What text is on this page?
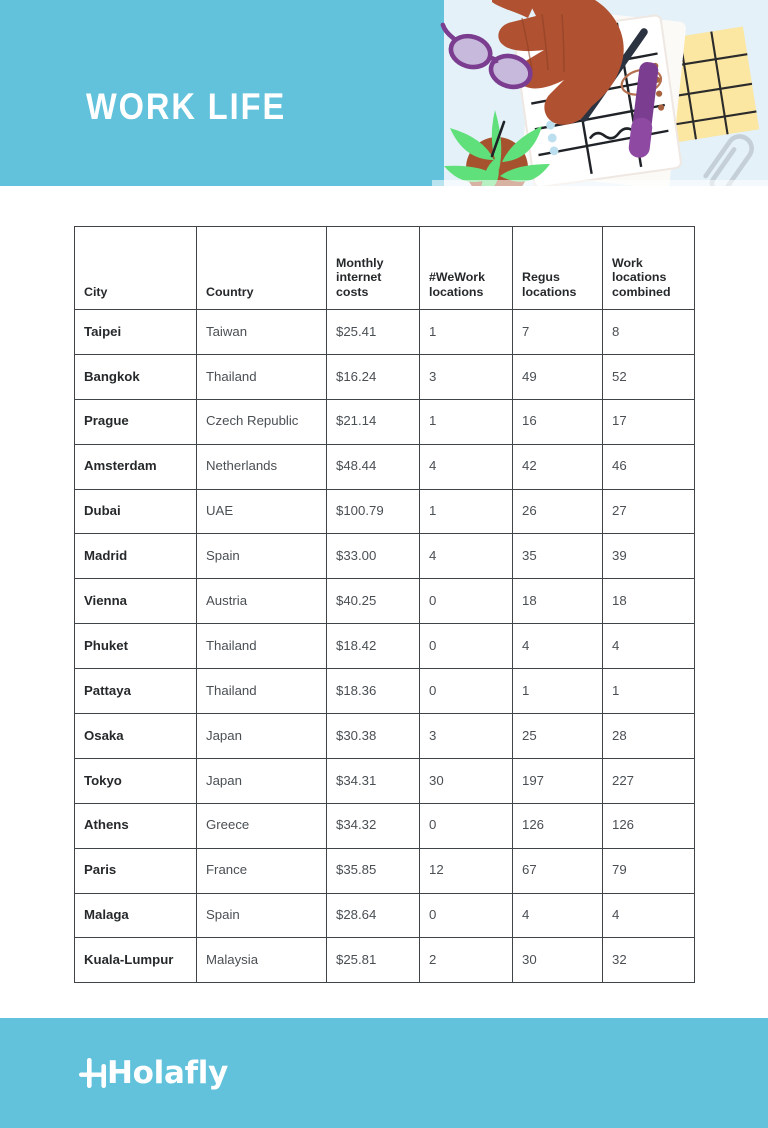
WORK LIFE
City	Country	Monthly internet costs	#WeWork locations	Regus locations	Work locations combined
Taipei	Taiwan	$25.41	1	7	8
Bangkok	Thailand	$16.24	3	49	52
Prague	Czech Republic	$21.14	1	16	17
Amsterdam	Netherlands	$48.44	4	42	46
Dubai	UAE	$100.79	1	26	27
Madrid	Spain	$33.00	4	35	39
Vienna	Austria	$40.25	0	18	18
Phuket	Thailand	$18.42	0	4	4
Pattaya	Thailand	$18.36	0	1	1
Osaka	Japan	$30.38	3	25	28
Tokyo	Japan	$34.31	30	197	227
Athens	Greece	$34.32	0	126	126
Paris	France	$35.85	12	67	79
Malaga	Spain	$28.64	0	4	4
Kuala-Lumpur	Malaysia	$25.81	2	30	32
Holafly
